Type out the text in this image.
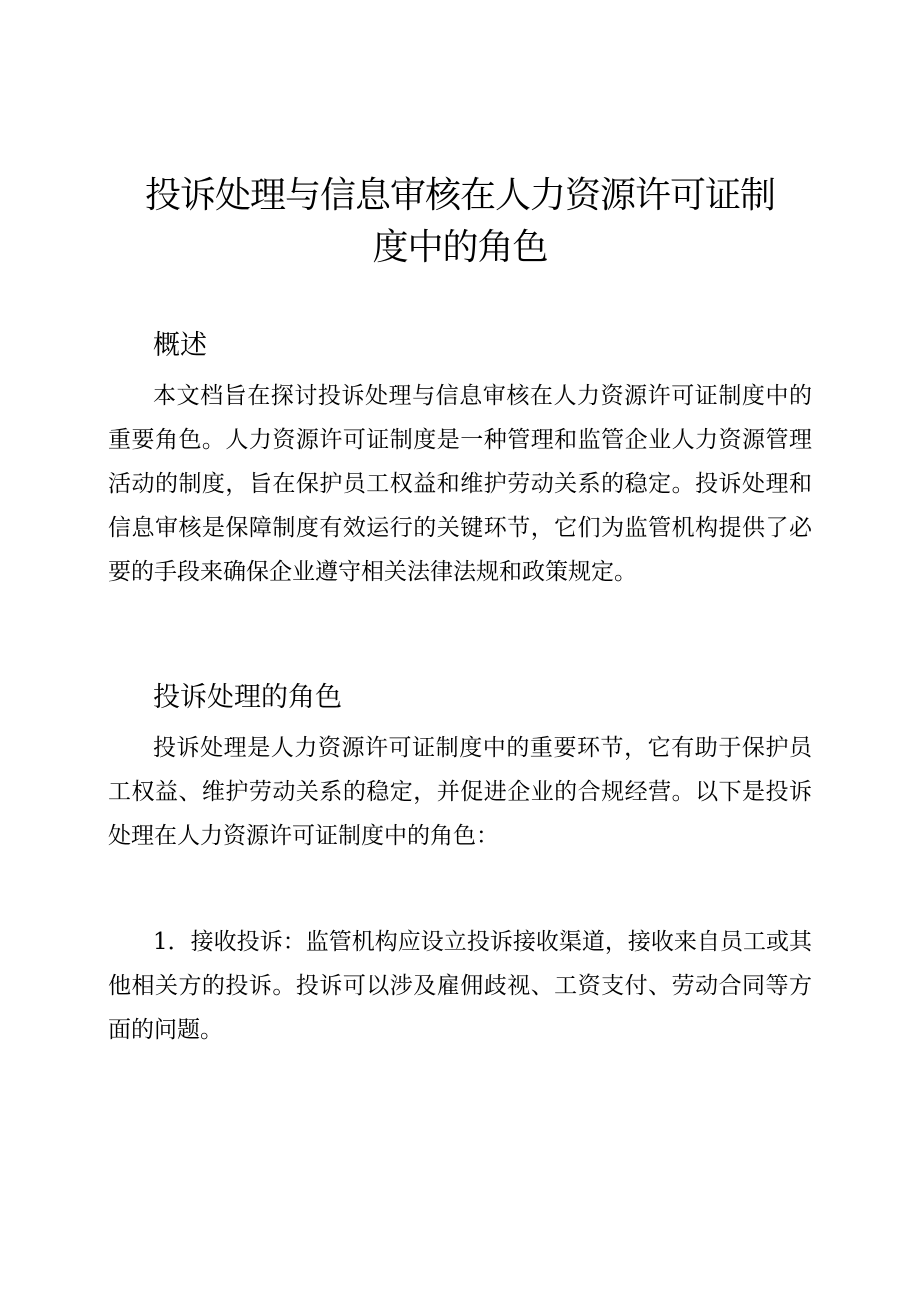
投诉处理与信息审核在人力资源许可证制
度中的角色
概述
本文档旨在探讨投诉处理与信息审核在人力资源许可证制度中的
重要角色。人力资源许可证制度是一种管理和监管企业人力资源管理
活动的制度，旨在保护员工权益和维护劳动关系的稳定。投诉处理和
信息审核是保障制度有效运行的关键环节，它们为监管机构提供了必
要的手段来确保企业遵守相关法律法规和政策规定。
投诉处理的角色
投诉处理是人力资源许可证制度中的重要环节，它有助于保护员
工权益、维护劳动关系的稳定，并促进企业的合规经营。以下是投诉
处理在人力资源许可证制度中的角色：
1．接收投诉：监管机构应设立投诉接收渠道，接收来自员工或其
他相关方的投诉。投诉可以涉及雇佣歧视、工资支付、劳动合同等方
面的问题。
